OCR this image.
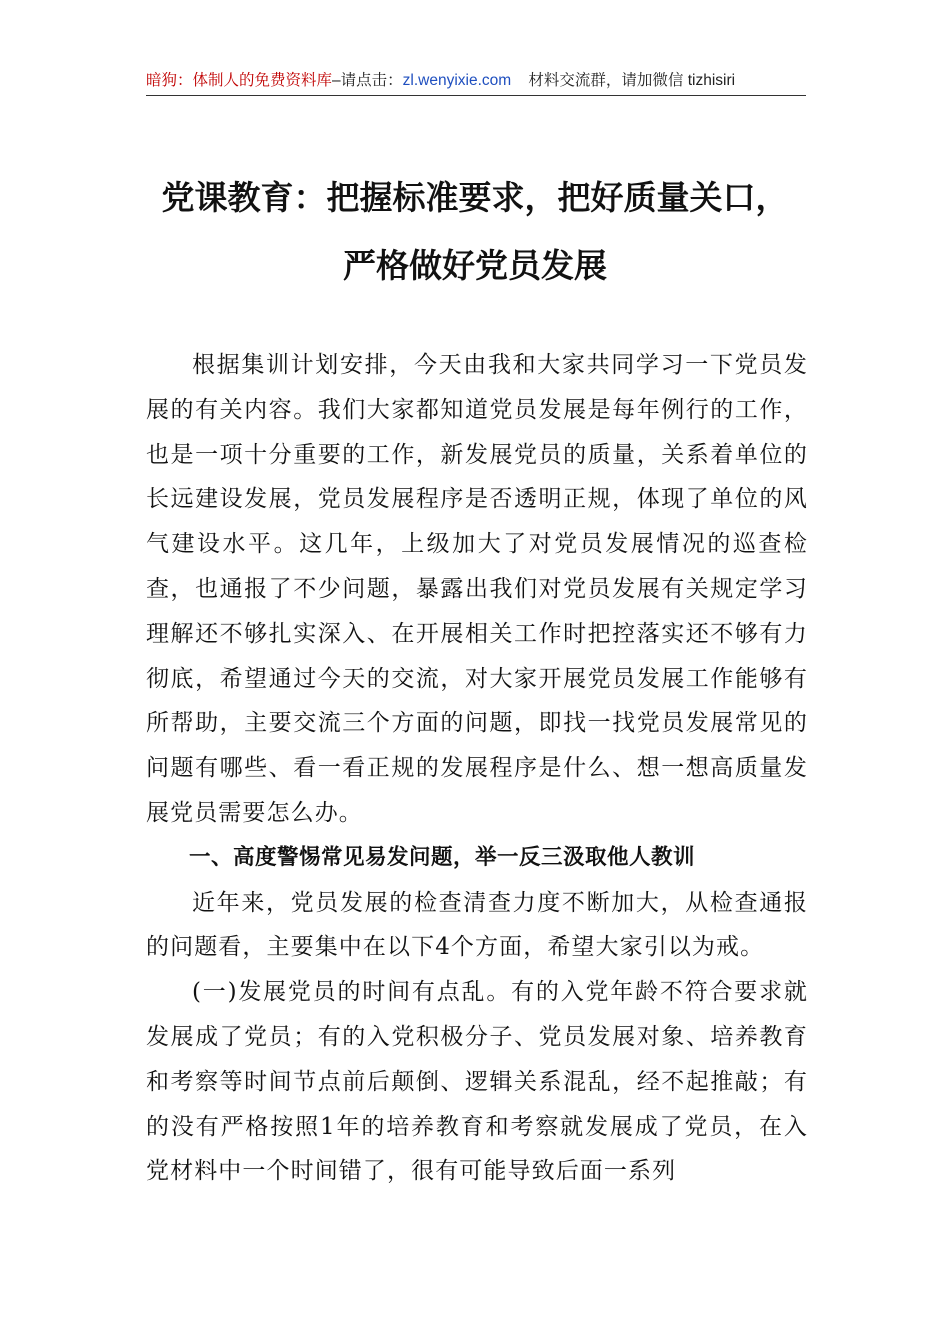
暗狗：体制人的免费资料库–请点击：zl.wenyixie.com 材料交流群，请加微信 tizhisiri
党课教育：把握标准要求，把好质量关口，
严格做好党员发展

根据集训计划安排，今天由我和大家共同学习一下党员发展的有关内容。我们大家都知道党员发展是每年例行的工作，也是一项十分重要的工作，新发展党员的质量，关系着单位的长远建设发展，党员发展程序是否透明正规，体现了单位的风气建设水平。这几年，上级加大了对党员发展情况的巡查检查，也通报了不少问题，暴露出我们对党员发展有关规定学习理解还不够扎实深入、在开展相关工作时把控落实还不够有力彻底，希望通过今天的交流，对大家开展党员发展工作能够有所帮助，主要交流三个方面的问题，即找一找党员发展常见的问题有哪些、看一看正规的发展程序是什么、想一想高质量发展党员需要怎么办。

一、高度警惕常见易发问题，举一反三汲取他人教训

近年来，党员发展的检查清查力度不断加大，从检查通报的问题看，主要集中在以下4个方面，希望大家引以为戒。

(一)发展党员的时间有点乱。有的入党年龄不符合要求就发展成了党员；有的入党积极分子、党员发展对象、培养教育和考察等时间节点前后颠倒、逻辑关系混乱，经不起推敲；有的没有严格按照1年的培养教育和考察就发展成了党员，在入党材料中一个时间错了，很有可能导致后面一系列
